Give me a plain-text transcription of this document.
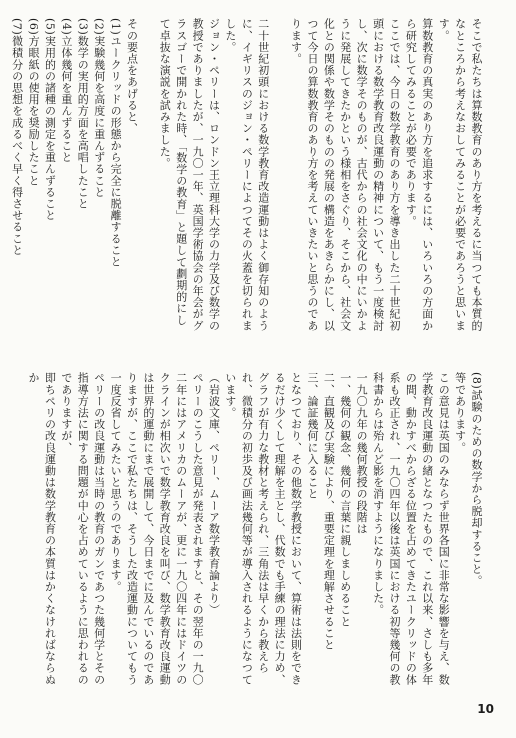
そこで私たちは算数教育のあり方を考えるに当つても本質的なところから考えなおしてみることが必要であろうと思います。

算数教育の真実のあり方を追求するには、いろいろの方面から研究してみることが必要であります。

ここでは、今日の数学教育のあり方を導き出した二十世紀初頭における数学教育改良運動の精神について、もう一度検討し、次に数学そのものが、古代からの社会文化の中にいかように発展してきたかという様相をさぐり、そこから、社会文化との関係や数学そのものの発展の構造をあきらかにし、以つて今日の算数教育のあり方を考えていきたいと思うのであります。

二十世紀初頭における数学教育改造運動はよく御存知のように、イギリスのジョン・ペリーによつてその火蓋を切られました。

ジョン・ペリーは、ロンドン王立理科大学の力学及び数学の教授でありましたが、一九〇一年、英国学術協会の年会がグラスゴーで開かれた時、「数学の教育」と題して劃期的にして卓抜な演説を試みました。

その要点をあげると、

(1)ユークリッドの形態から完全に脱離すること

(2)実験幾何を高度に重んずること

(3)数学の実用的方面を高唱したこと

(4)立体幾何を重んずること

(5)実用的の諸種の測定を重んずること

(6)方眼紙の使用を奨励したこと

(7)微積分の思想を成るべく早く得させること

(8)試験のための数学から脱却すること。

等であります。

この意見は英国のみならず世界各国に非常な影響を与え、数学教育改良運動の緒となつたもので、これ以来、さしも多年の間、動かすべからざる位置を占めてきたユークリッドの体系も改正され、一九〇四年以後は英国における初等幾何の教科書からは殆んど影を消すようになりました。

一九〇九年の幾何教授の段階は

一、幾何の観念、幾何の言葉に親しましめること

二、直観及び実験により、重要定理を理解させること

三、論証幾何に入ること

となつており、その他数学教授において、算術は法則をできるだけ少くして理解を主とし、代数でも手練の理法に力め、グラフが有力な教材と考えられ、三角法は早くから教えられ、微積分の初歩及び画法幾何等が導入されるようになつています。

（岩波文庫、ペリー、ムーア数学教育論より）

ペリーのこうした意見が発表されますと、その翌年の一九〇二年にはアメリカのムーアが、更に一九〇四年にはドイツのクラインが相次いで数学教育改良を叫び、数学教育改良運動は世界的運動にまで展開して、今日までに及んでいるのでありますが、ここで私たちは、そうした改造運動についてもう一度反省してみたいと思うのであります。

ペリーの改良運動は当時の教育のガンであつた幾何学とその指導方法に関する問題が中心を占めているように思われるのでありますが、

即ちペリの改良運動は数学教育の本質はかくなければならぬか

10
